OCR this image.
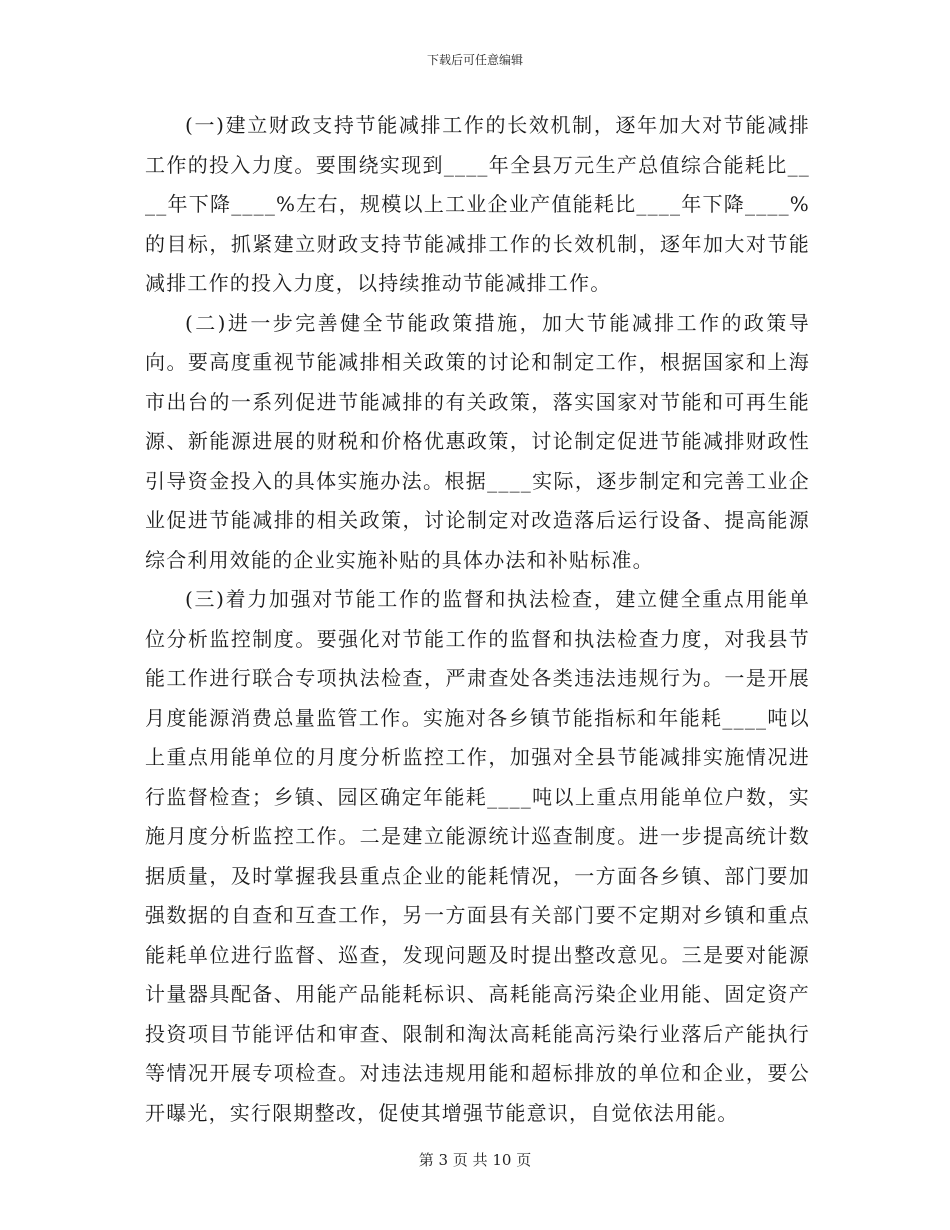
下载后可任意编辑

(一)建立财政支持节能减排工作的长效机制，逐年加大对节能减排工作的投入力度。要围绕实现到____年全县万元生产总值综合能耗比____年下降____%左右，规模以上工业企业产值能耗比____年下降____%的目标，抓紧建立财政支持节能减排工作的长效机制，逐年加大对节能减排工作的投入力度，以持续推动节能减排工作。

(二)进一步完善健全节能政策措施，加大节能减排工作的政策导向。要高度重视节能减排相关政策的讨论和制定工作，根据国家和上海市出台的一系列促进节能减排的有关政策，落实国家对节能和可再生能源、新能源进展的财税和价格优惠政策，讨论制定促进节能减排财政性引导资金投入的具体实施办法。根据____实际，逐步制定和完善工业企业促进节能减排的相关政策，讨论制定对改造落后运行设备、提高能源综合利用效能的企业实施补贴的具体办法和补贴标准。

(三)着力加强对节能工作的监督和执法检查，建立健全重点用能单位分析监控制度。要强化对节能工作的监督和执法检查力度，对我县节能工作进行联合专项执法检查，严肃查处各类违法违规行为。一是开展月度能源消费总量监管工作。实施对各乡镇节能指标和年能耗____吨以上重点用能单位的月度分析监控工作，加强对全县节能减排实施情况进行监督检查；乡镇、园区确定年能耗____吨以上重点用能单位户数，实施月度分析监控工作。二是建立能源统计巡查制度。进一步提高统计数据质量，及时掌握我县重点企业的能耗情况，一方面各乡镇、部门要加强数据的自查和互查工作，另一方面县有关部门要不定期对乡镇和重点能耗单位进行监督、巡查，发现问题及时提出整改意见。三是要对能源计量器具配备、用能产品能耗标识、高耗能高污染企业用能、固定资产投资项目节能评估和审查、限制和淘汰高耗能高污染行业落后产能执行等情况开展专项检查。对违法违规用能和超标排放的单位和企业，要公开曝光，实行限期整改，促使其增强节能意识，自觉依法用能。

第 3 页 共 10 页
